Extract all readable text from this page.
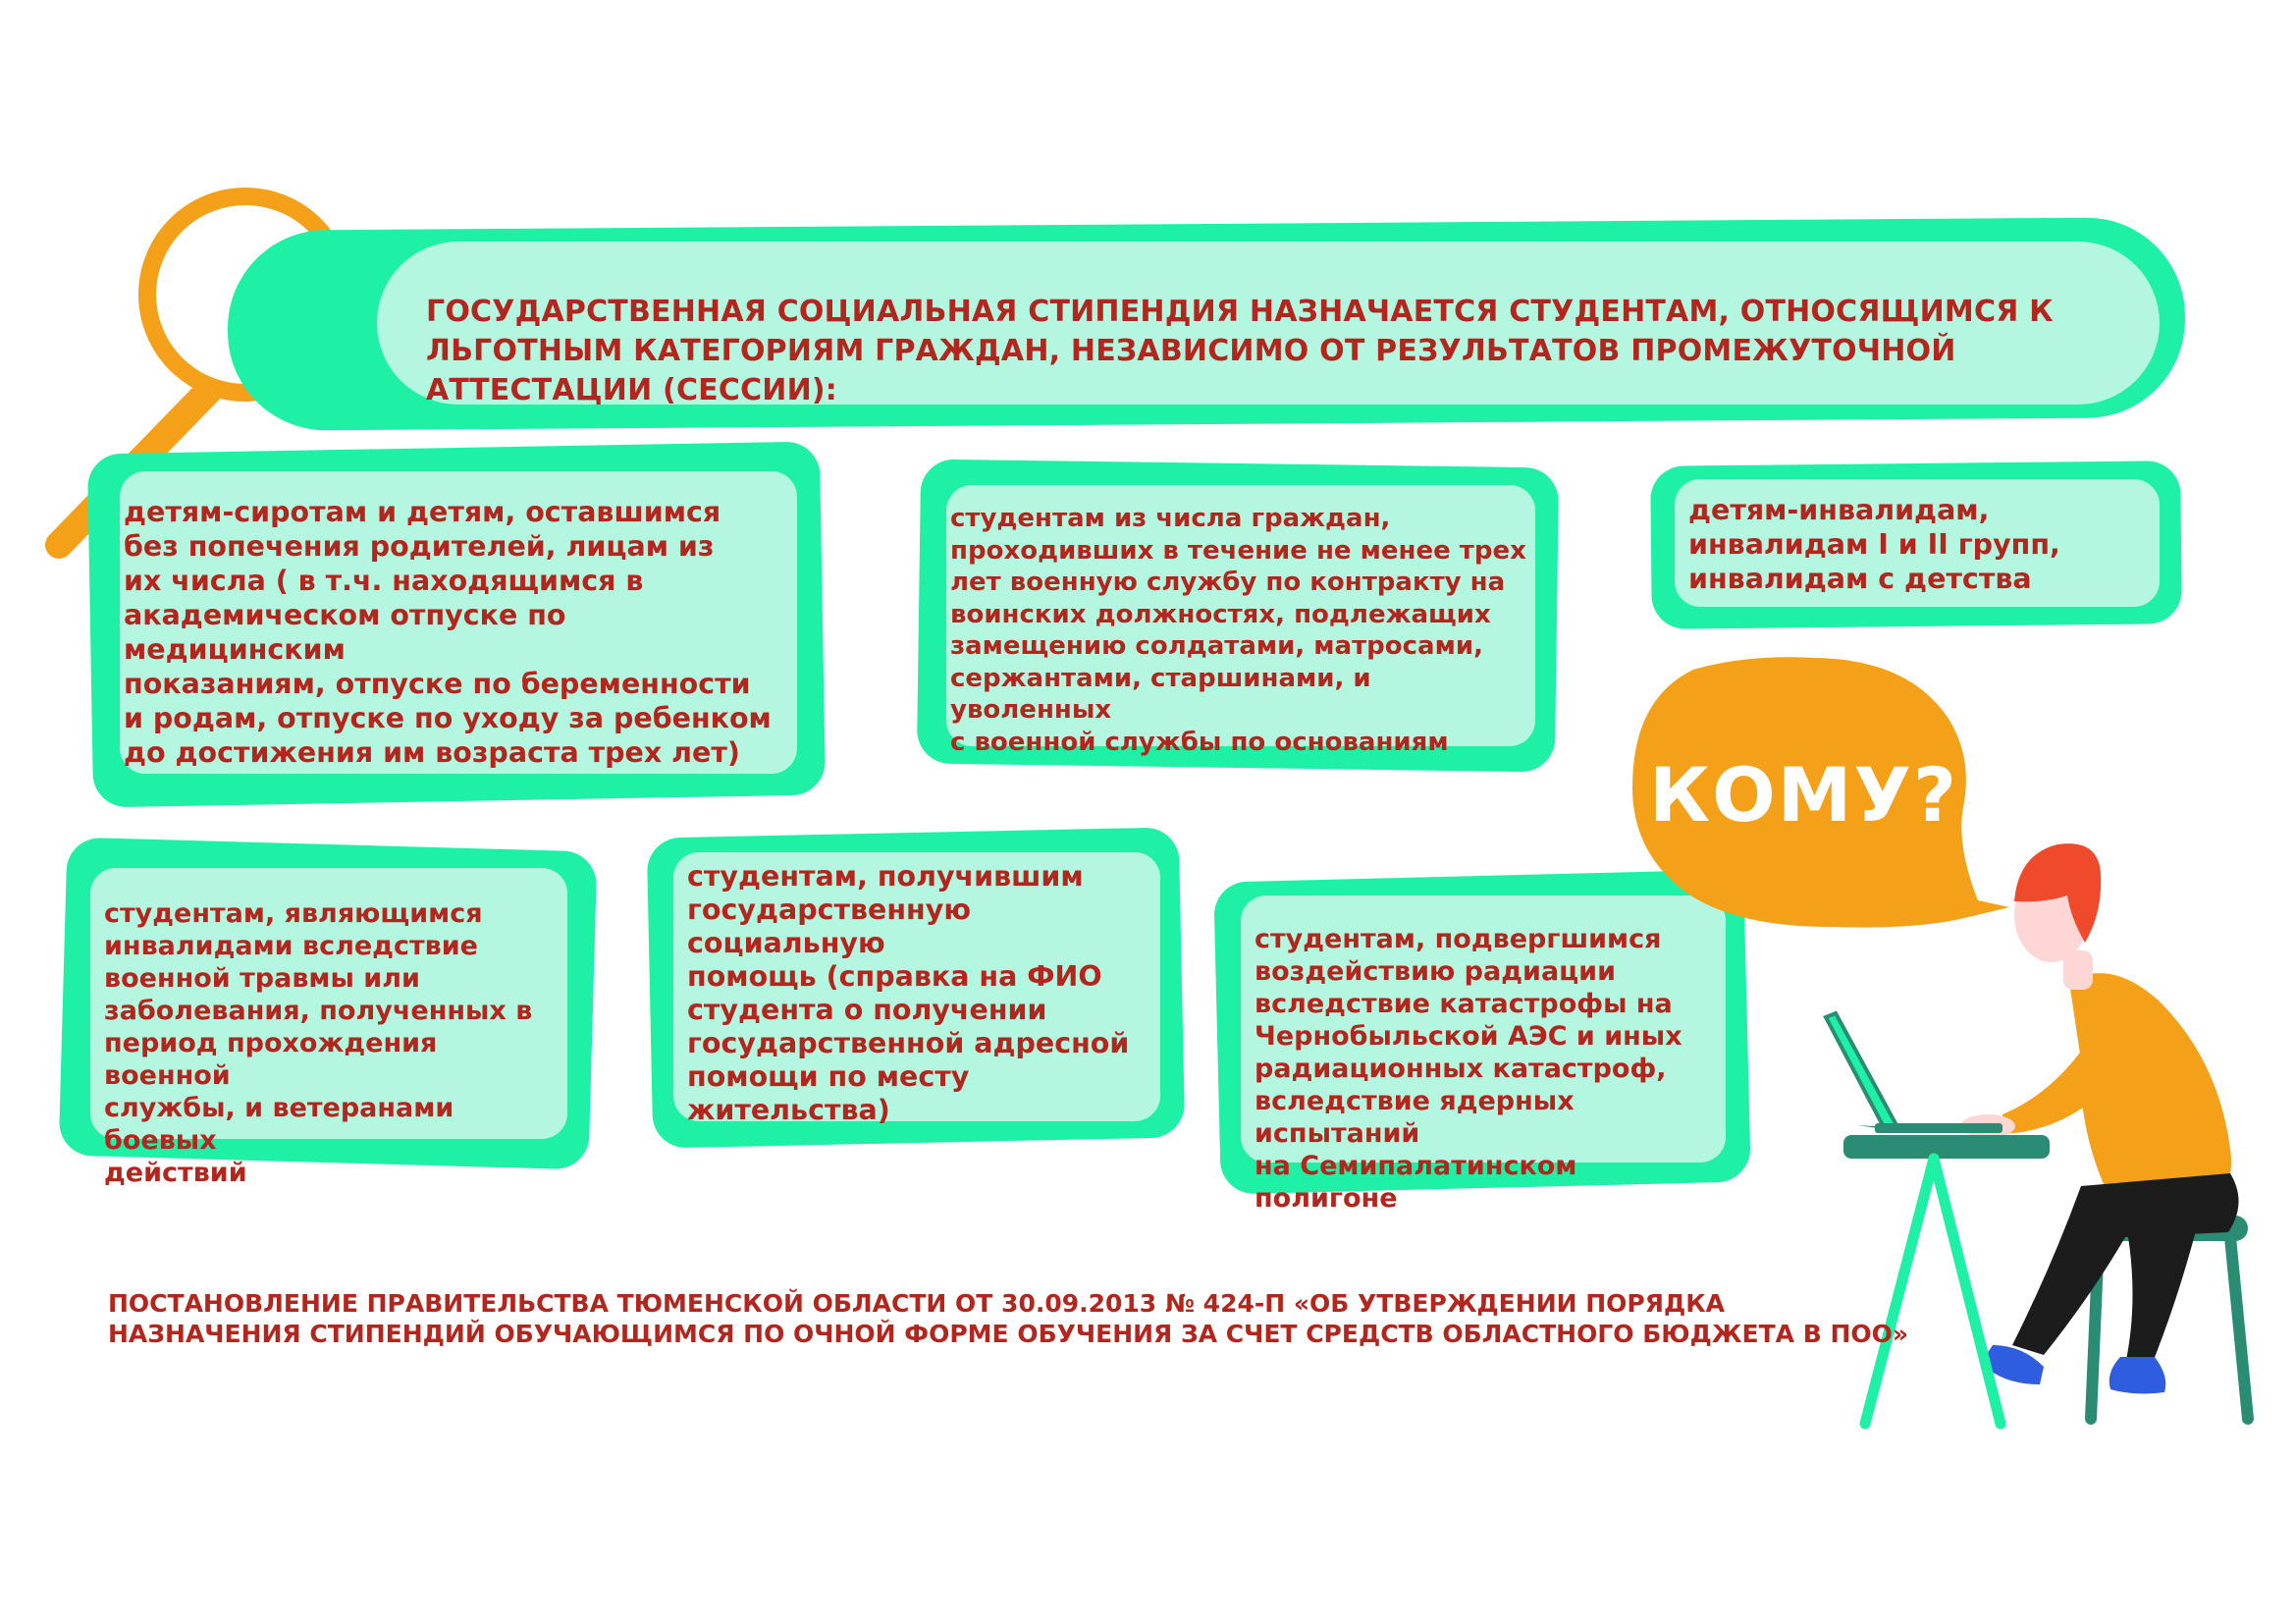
ГОСУДАРСТВЕННАЯ СОЦИАЛЬНАЯ СТИПЕНДИЯ НАЗНАЧАЕТСЯ СТУДЕНТАМ, ОТНОСЯЩИМСЯ К

ЛЬГОТНЫМ КАТЕГОРИЯМ ГРАЖДАН, НЕЗАВИСИМО ОТ РЕЗУЛЬТАТОВ ПРОМЕЖУТОЧНОЙ АТТЕСТАЦИИ (СЕССИИ):

детям-сиротам и детям, оставшимся
без попечения родителей, лицам из
их числа ( в т.ч. находящимся в
академическом отпуске по медицинским
показаниям, отпуске по беременности
и родам, отпуске по уходу за ребенком
до достижения им возраста трех лет)

студентам из числа граждан,
проходивших в течение не менее трех
лет военную службу по контракту на
воинских должностях, подлежащих
замещению солдатами, матросами,
сержантами, старшинами, и уволенных
с военной службы по основаниям

детям-инвалидам,
инвалидам I и II групп,
инвалидам с детства

студентам, являющимся
инвалидами вследствие
военной травмы или
заболевания, полученных в
период прохождения военной
службы, и ветеранами боевых
действий

студентам, получившим
государственную социальную
помощь (справка на ФИО
студента о получении
государственной адресной
помощи по месту
жительства)

студентам, подвергшимся
воздействию радиации
вследствие катастрофы на
Чернобыльской АЭС и иных
радиационных катастроф,
вследствие ядерных испытаний
на Семипалатинском полигоне

КОМУ?

ПОСТАНОВЛЕНИЕ ПРАВИТЕЛЬСТВА ТЮМЕНСКОЙ ОБЛАСТИ ОТ 30.09.2013 № 424-П «ОБ УТВЕРЖДЕНИИ ПОРЯДКА

НАЗНАЧЕНИЯ СТИПЕНДИЙ ОБУЧАЮЩИМСЯ ПО ОЧНОЙ ФОРМЕ ОБУЧЕНИЯ ЗА СЧЕТ СРЕДСТВ ОБЛАСТНОГО БЮДЖЕТА В ПОО»
